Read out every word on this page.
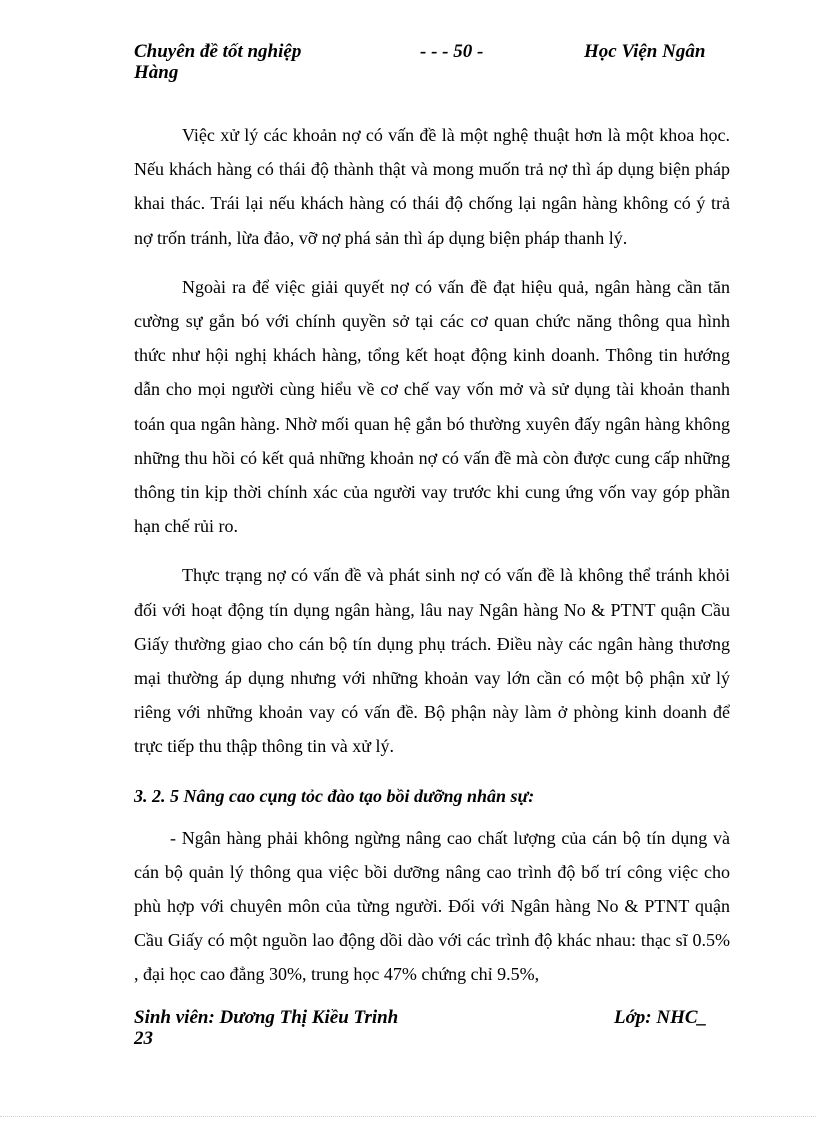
Chuyên đề tốt nghiệp
Hàng
- - - 50 -	Học Viện Ngân

Việc xử lý các khoản nợ có vấn đề là một nghệ thuật hơn là một khoa học. Nếu khách hàng có thái độ thành thật và mong muốn trả nợ thì áp dụng biện pháp khai thác. Trái lại nếu khách hàng có thái độ chống lại ngân hàng không có ý trả nợ trốn tránh, lừa đảo, vỡ nợ phá sản thì áp dụng biện pháp thanh lý.

Ngoài ra để việc giải quyết nợ có vấn đề đạt hiệu quả, ngân hàng cần tăn cường sự gắn bó với chính quyền sở tại các cơ quan chức năng thông qua hình thức như hội nghị khách hàng, tổng kết hoạt động kinh doanh. Thông tin hướng dẫn cho mọi người cùng hiểu về cơ chế vay vốn mở và sử dụng tài khoản thanh toán qua ngân hàng. Nhờ mối quan hệ gắn bó thường xuyên đấy ngân hàng không những thu hồi có kết quả những khoản nợ có vấn đề mà còn được cung cấp những thông tin kịp thời chính xác của người vay trước khi cung ứng vốn vay góp phần hạn chế rủi ro.

Thực trạng nợ có vấn đề và phát sinh nợ có vấn đề là không thể tránh khỏi đối với hoạt động tín dụng ngân hàng, lâu nay Ngân hàng No & PTNT quận Cầu Giấy thường giao cho cán bộ tín dụng phụ trách. Điều này các ngân hàng thương mại thường áp dụng nhưng với những khoản vay lớn cần có một bộ phận xử lý riêng với những khoản vay có vấn đề. Bộ phận này làm ở phòng kinh doanh để trực tiếp thu thập thông tin và xử lý.

3. 2. 5 Nâng cao cụng tỏc đào tạo bồi dưỡng nhân sự:

- Ngân hàng phải không ngừng nâng cao chất lượng của cán bộ tín dụng và cán bộ quản lý thông qua việc bồi dưỡng nâng cao trình độ bố trí công việc cho phù hợp với chuyên môn của từng người. Đối với Ngân hàng No & PTNT quận Cầu Giấy có một nguồn lao động dồi dào với các trình độ khác nhau: thạc sĩ 0.5% , đại học cao đẳng 30%, trung học 47% chứng chỉ 9.5%,

Sinh viên: Dương Thị Kiều Trinh
23
Lớp: NHC_
